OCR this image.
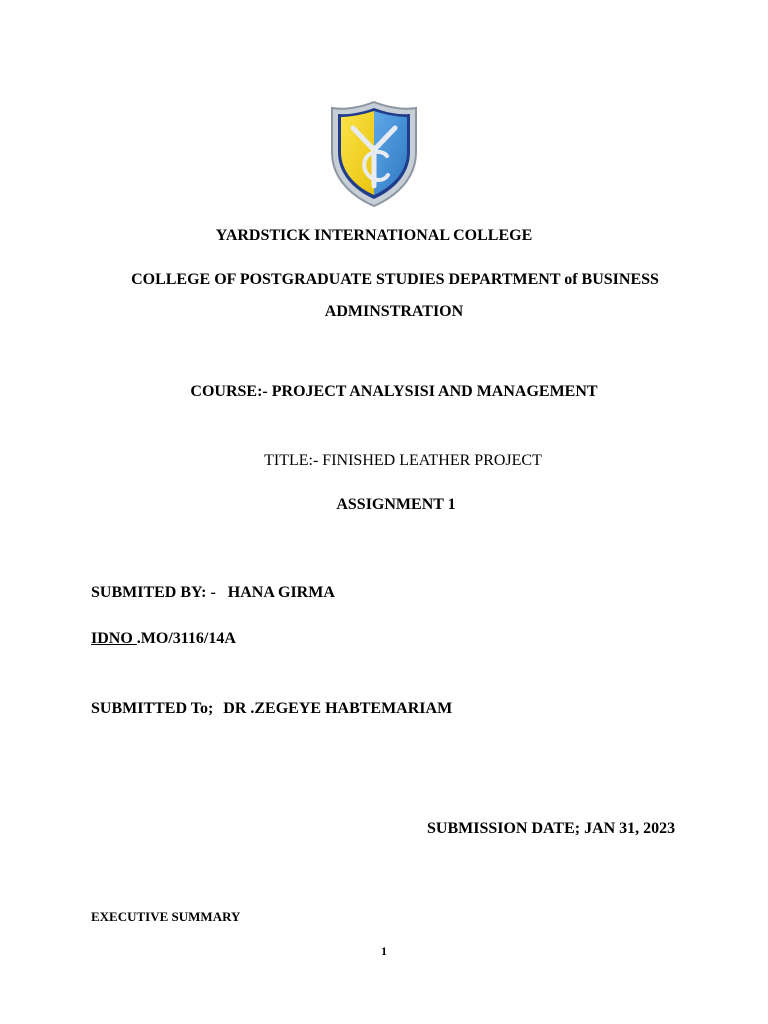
YARDSTICK INTERNATIONAL COLLEGE
COLLEGE OF POSTGRADUATE STUDIES DEPARTMENT of BUSINESS
ADMINSTRATION
COURSE:- PROJECT ANALYSISI AND MANAGEMENT
TITLE:- FINISHED LEATHER PROJECT
ASSIGNMENT 1
SUBMITED BY: - HANA GIRMA
IDNO .MO/3116/14A
SUBMITTED To; DR .ZEGEYE HABTEMARIAM
SUBMISSION DATE; JAN 31, 2023
EXECUTIVE SUMMARY
1
